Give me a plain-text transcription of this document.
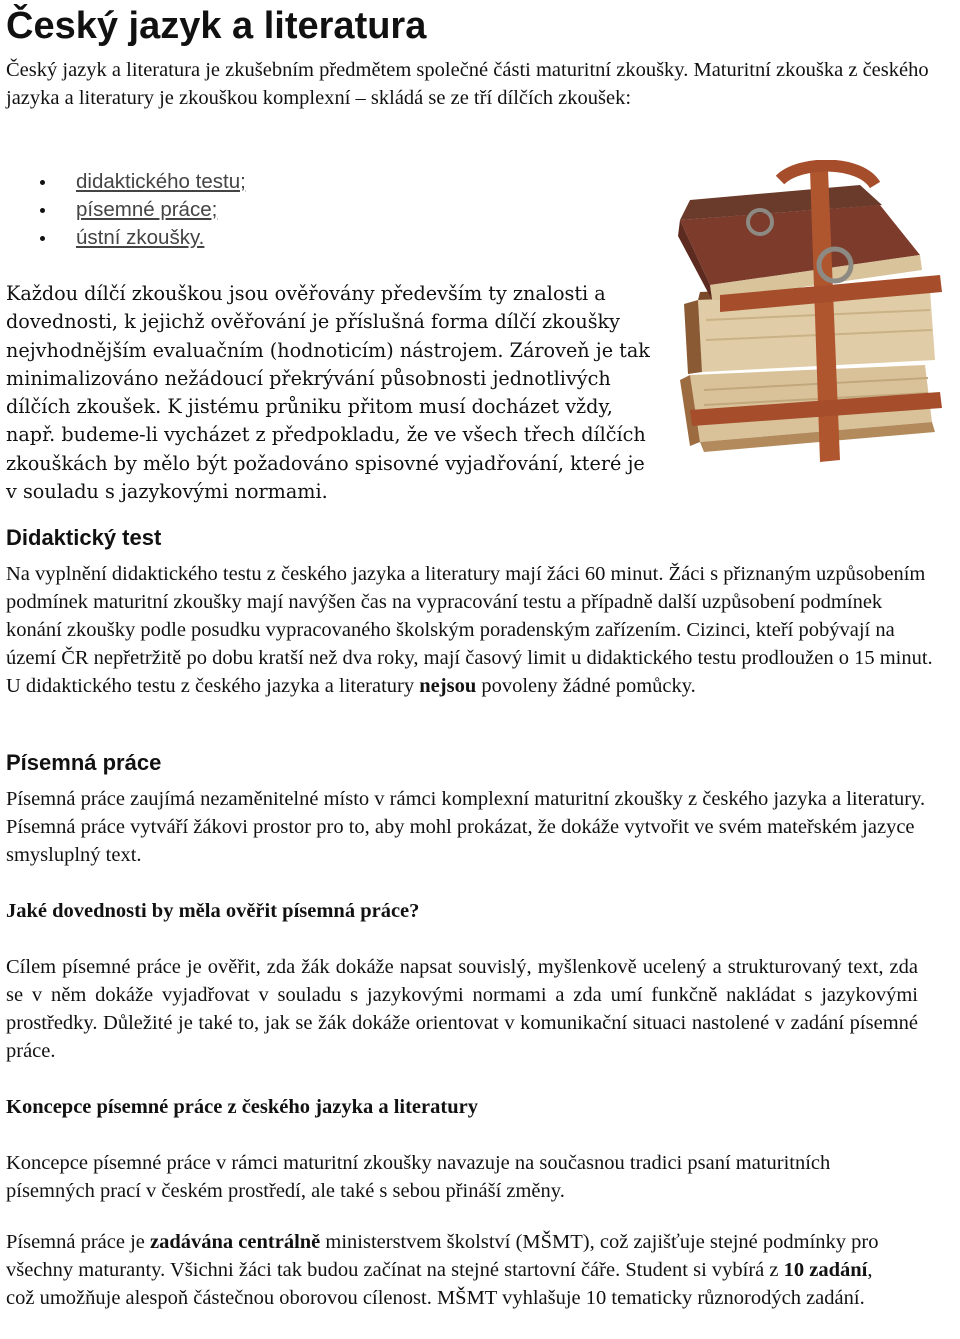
Český jazyk a literatura

Český jazyk a literatura je zkušebním předmětem společné části maturitní zkoušky. Maturitní zkouška z českého jazyka a literatury je zkouškou komplexní – skládá se ze tří dílčích zkoušek:

didaktického testu;
písemné práce;
ústní zkoušky.

Každou dílčí zkouškou jsou ověřovány především ty znalosti a dovednosti, k jejichž ověřování je příslušná forma dílčí zkoušky nejvhodnějším evaluačním (hodnoticím) nástrojem. Zároveň je tak minimalizováno nežádoucí překrývání působnosti jednotlivých dílčích zkoušek. K jistému průniku přitom musí docházet vždy, např. budeme-li vycházet z předpokladu, že ve všech třech dílčích zkouškách by mělo být požadováno spisovné vyjadřování, které je v souladu s jazykovými normami.

Didaktický test

Na vyplnění didaktického testu z českého jazyka a literatury mají žáci 60 minut. Žáci s přiznaným uzpůsobením podmínek maturitní zkoušky mají navýšen čas na vypracování testu a případně další uzpůsobení podmínek konání zkoušky podle posudku vypracovaného školským poradenským zařízením. Cizinci, kteří pobývají na území ČR nepřetržitě po dobu kratší než dva roky, mají časový limit u didaktického testu prodloužen o 15 minut. U didaktického testu z českého jazyka a literatury nejsou povoleny žádné pomůcky.

Písemná práce

Písemná práce zaujímá nezaměnitelné místo v rámci komplexní maturitní zkoušky z českého jazyka a literatury. Písemná práce vytváří žákovi prostor pro to, aby mohl prokázat, že dokáže vytvořit ve svém mateřském jazyce smysluplný text.

Jaké dovednosti by měla ověřit písemná práce?

Cílem písemné práce je ověřit, zda žák dokáže napsat souvislý, myšlenkově ucelený a strukturovaný text, zda se v něm dokáže vyjadřovat v souladu s jazykovými normami a zda umí funkčně nakládat s jazykovými prostředky. Důležité je také to, jak se žák dokáže orientovat v komunikační situaci nastolené v zadání písemné práce.

Koncepce písemné práce z českého jazyka a literatury

Koncepce písemné práce v rámci maturitní zkoušky navazuje na současnou tradici psaní maturitních písemných prací v českém prostředí, ale také s sebou přináší změny.

Písemná práce je zadávána centrálně ministerstvem školství (MŠMT), což zajišťuje stejné podmínky pro všechny maturanty. Všichni žáci tak budou začínat na stejné startovní čáře. Student si vybírá z 10 zadání, což umožňuje alespoň částečnou oborovou cílenost. MŠMT vyhlašuje 10 tematicky různorodých zadání.
